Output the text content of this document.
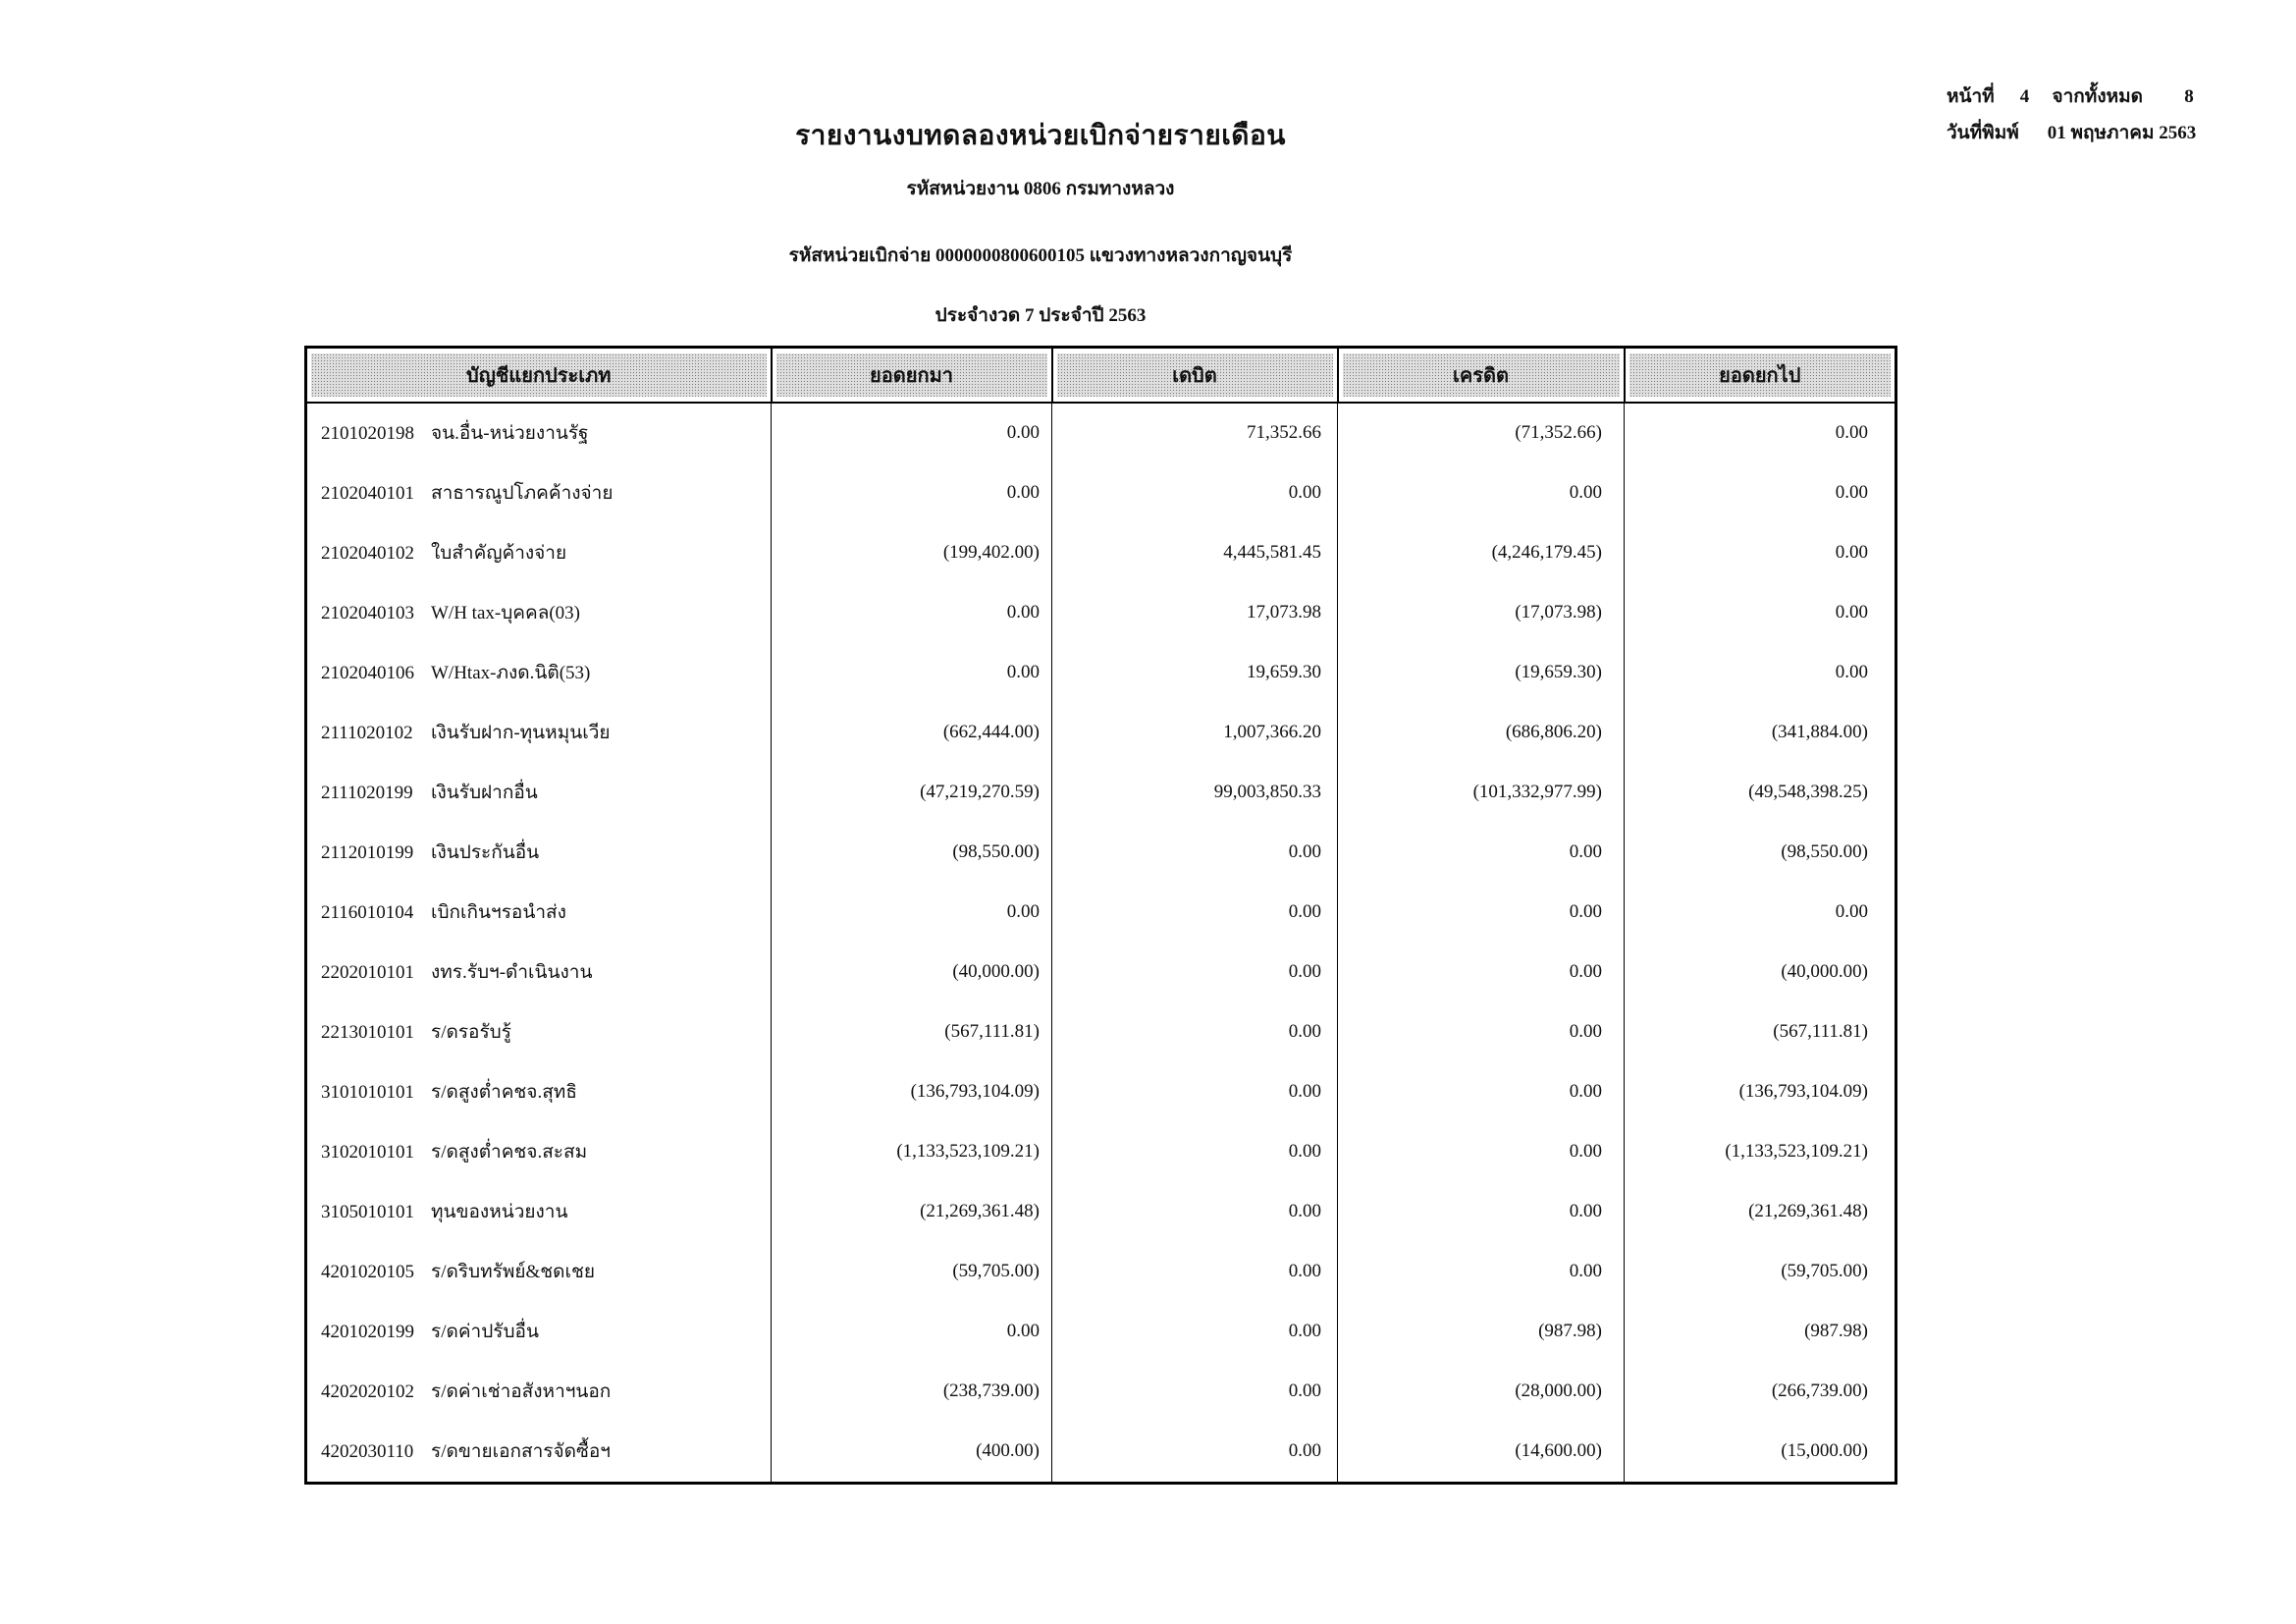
หน้าที่ 4 จากทั้งหมด 8
วันที่พิมพ์ 01 พฤษภาคม 2563
รายงานงบทดลองหน่วยเบิกจ่ายรายเดือน
รหัสหน่วยงาน 0806 กรมทางหลวง
รหัสหน่วยเบิกจ่าย 0000000800600105 แขวงทางหลวงกาญจนบุรี
ประจำงวด 7 ประจำปี 2563
บัญชีแยกประเภท	ยอดยกมา	เดบิต	เครดิต	ยอดยกไป

2101020198 จน.อื่น-หน่วยงานรัฐ	0.00	71,352.66	(71,352.66)	0.00
2102040101 สาธารณูปโภคค้างจ่าย	0.00	0.00	0.00	0.00
2102040102 ใบสำคัญค้างจ่าย	(199,402.00)	4,445,581.45	(4,246,179.45)	0.00
2102040103 W/H tax-บุคคล(03)	0.00	17,073.98	(17,073.98)	0.00
2102040106 W/Htax-ภงด.นิติ(53)	0.00	19,659.30	(19,659.30)	0.00
2111020102 เงินรับฝาก-ทุนหมุนเวีย	(662,444.00)	1,007,366.20	(686,806.20)	(341,884.00)
2111020199 เงินรับฝากอื่น	(47,219,270.59)	99,003,850.33	(101,332,977.99)	(49,548,398.25)
2112010199 เงินประกันอื่น	(98,550.00)	0.00	0.00	(98,550.00)
2116010104 เบิกเกินฯรอนำส่ง	0.00	0.00	0.00	0.00
2202010101 งทร.รับฯ-ดำเนินงาน	(40,000.00)	0.00	0.00	(40,000.00)
2213010101 ร/ดรอรับรู้	(567,111.81)	0.00	0.00	(567,111.81)
3101010101 ร/ดสูงต่ำคชจ.สุทธิ	(136,793,104.09)	0.00	0.00	(136,793,104.09)
3102010101 ร/ดสูงต่ำคชจ.สะสม	(1,133,523,109.21)	0.00	0.00	(1,133,523,109.21)
3105010101 ทุนของหน่วยงาน	(21,269,361.48)	0.00	0.00	(21,269,361.48)
4201020105 ร/ดริบทรัพย์&ชดเชย	(59,705.00)	0.00	0.00	(59,705.00)
4201020199 ร/ดค่าปรับอื่น	0.00	0.00	(987.98)	(987.98)
4202020102 ร/ดค่าเช่าอสังหาฯนอก	(238,739.00)	0.00	(28,000.00)	(266,739.00)
4202030110 ร/ดขายเอกสารจัดซื้อฯ	(400.00)	0.00	(14,600.00)	(15,000.00)
